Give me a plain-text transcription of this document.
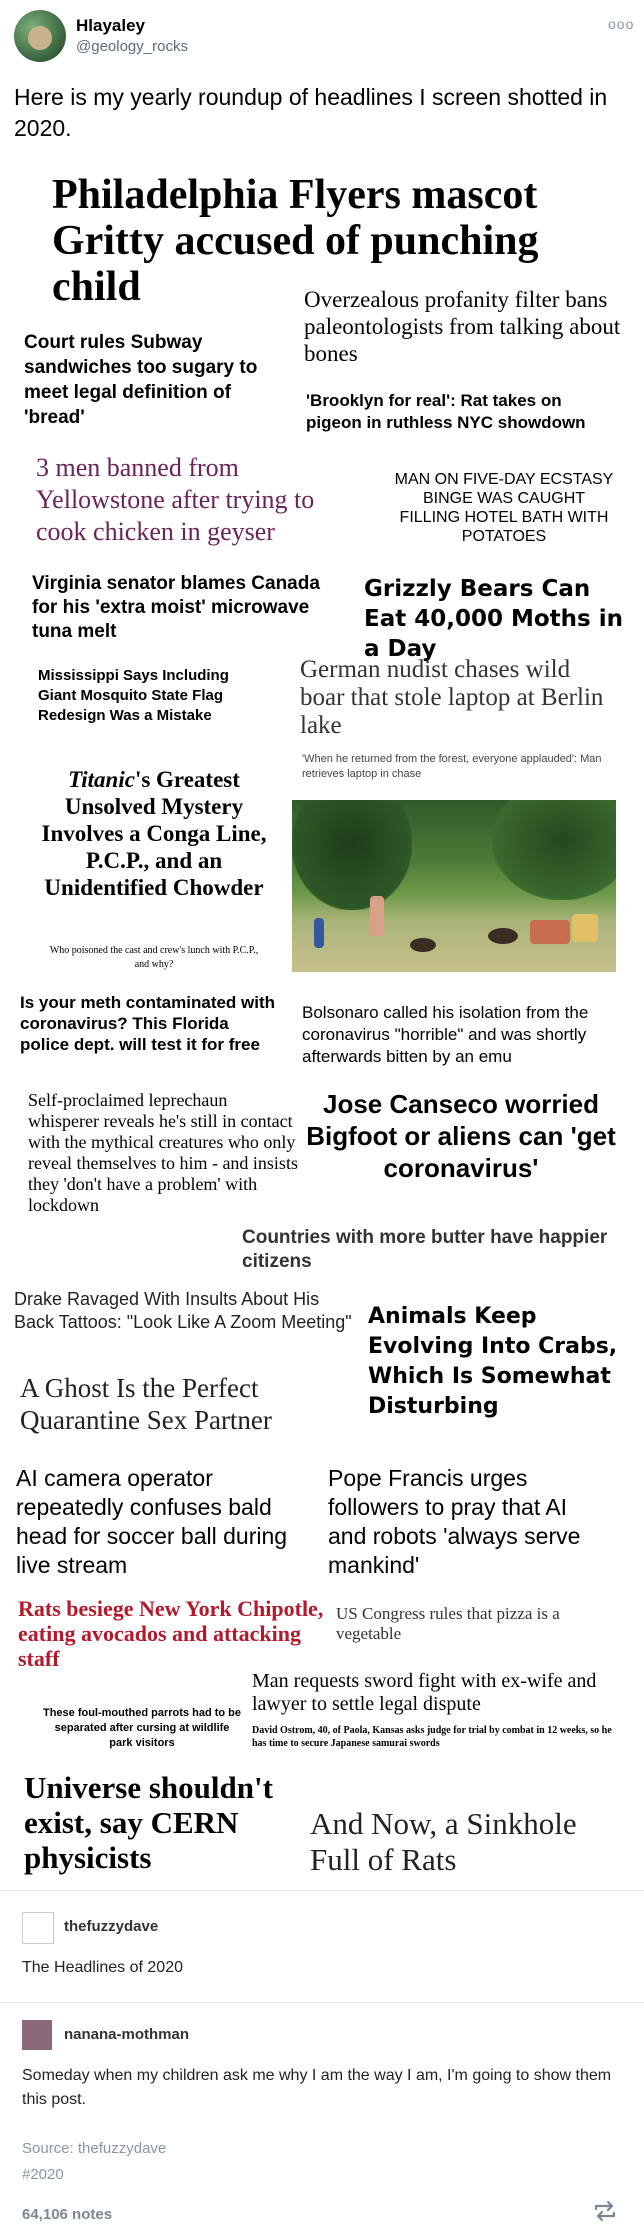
Hlayaley
@geology_rocks
ooo
Here is my yearly roundup of headlines I screen shotted in 2020.

Philadelphia Flyers mascot Gritty accused of punching child	Overzealous profanity filter bans paleontologists from talking about bones

Court rules Subway sandwiches too sugary to meet legal definition of 'bread'

'Brooklyn for real': Rat takes on pigeon in ruthless NYC showdown

3 men banned from Yellowstone after trying to cook chicken in geyser

MAN ON FIVE-DAY ECSTASY BINGE WAS CAUGHT FILLING HOTEL BATH WITH POTATOES

Virginia senator blames Canada for his 'extra moist' microwave tuna melt

Grizzly Bears Can Eat 40,000 Moths in a Day

Mississippi Says Including Giant Mosquito State Flag Redesign Was a Mistake

German nudist chases wild boar that stole laptop at Berlin lake

'When he returned from the forest, everyone applauded': Man retrieves laptop in chase

Titanic's Greatest Unsolved Mystery Involves a Conga Line, P.C.P., and an Unidentified Chowder

Who poisoned the cast and crew's lunch with P.C.P., and why?

Is your meth contaminated with coronavirus? This Florida police dept. will test it for free

Bolsonaro called his isolation from the coronavirus "horrible" and was shortly afterwards bitten by an emu

Self-proclaimed leprechaun whisperer reveals he's still in contact with the mythical creatures who only reveal themselves to him - and insists they 'don't have a problem' with lockdown

Jose Canseco worried Bigfoot or aliens can 'get coronavirus'

Countries with more butter have happier citizens

Drake Ravaged With Insults About His Back Tattoos: "Look Like A Zoom Meeting" Animals Keep Evolving Into Crabs, Which Is Somewhat Disturbing

A Ghost Is the Perfect Quarantine Sex Partner

AI camera operator repeatedly confuses bald head for soccer ball during live stream

Pope Francis urges followers to pray that AI and robots 'always serve mankind'

Rats besiege New York Chipotle, eating avocados and attacking staff

US Congress rules that pizza is a vegetable

Man requests sword fight with ex-wife and lawyer to settle legal dispute

David Ostrom, 40, of Paola, Kansas asks judge for trial by combat in 12 weeks, so he has time to secure Japanese samurai swords

These foul-mouthed parrots had to be separated after cursing at wildlife park visitors

Universe shouldn't exist, say CERN physicists

And Now, a Sinkhole Full of Rats

thefuzzydave
The Headlines of 2020
nanana-mothman
Someday when my children ask me why I am the way I am, I'm going to show them this post.
Source: thefuzzydave
#2020
64,106 notes
